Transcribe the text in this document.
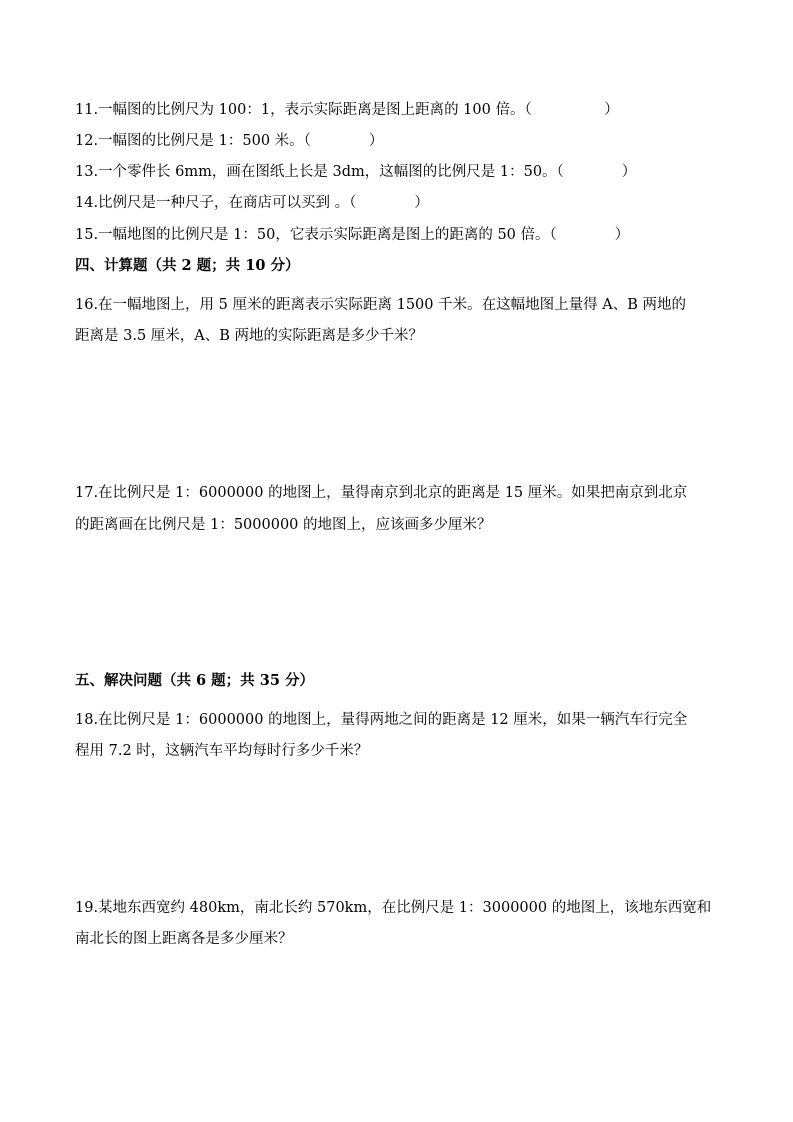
11.一幅图的比例尺为 100：1，表示实际距离是图上距离的 100 倍。（　　　　　）
12.一幅图的比例尺是 1：500 米。（　　　　）
13.一个零件长 6mm，画在图纸上长是 3dm，这幅图的比例尺是 1：50。（　　　　）
14.比例尺是一种尺子，在商店可以买到 。（　　　　）
15.一幅地图的比例尺是 1：50，它表示实际距离是图上的距离的 50 倍。（　　　　）
四、计算题（共 2 题；共 10 分）
16.在一幅地图上，用 5 厘米的距离表示实际距离 1500 千米。在这幅地图上量得 A、B 两地的
距离是 3.5 厘米，A、B 两地的实际距离是多少千米？
17.在比例尺是 1：6000000 的地图上，量得南京到北京的距离是 15 厘米。如果把南京到北京
的距离画在比例尺是 1：5000000 的地图上，应该画多少厘米？
五、解决问题（共 6 题；共 35 分）
18.在比例尺是 1：6000000 的地图上，量得两地之间的距离是 12 厘米，如果一辆汽车行完全
程用 7.2 时，这辆汽车平均每时行多少千米？
19.某地东西宽约 480km，南北长约 570km，在比例尺是 1：3000000 的地图上，该地东西宽和
南北长的图上距离各是多少厘米？
